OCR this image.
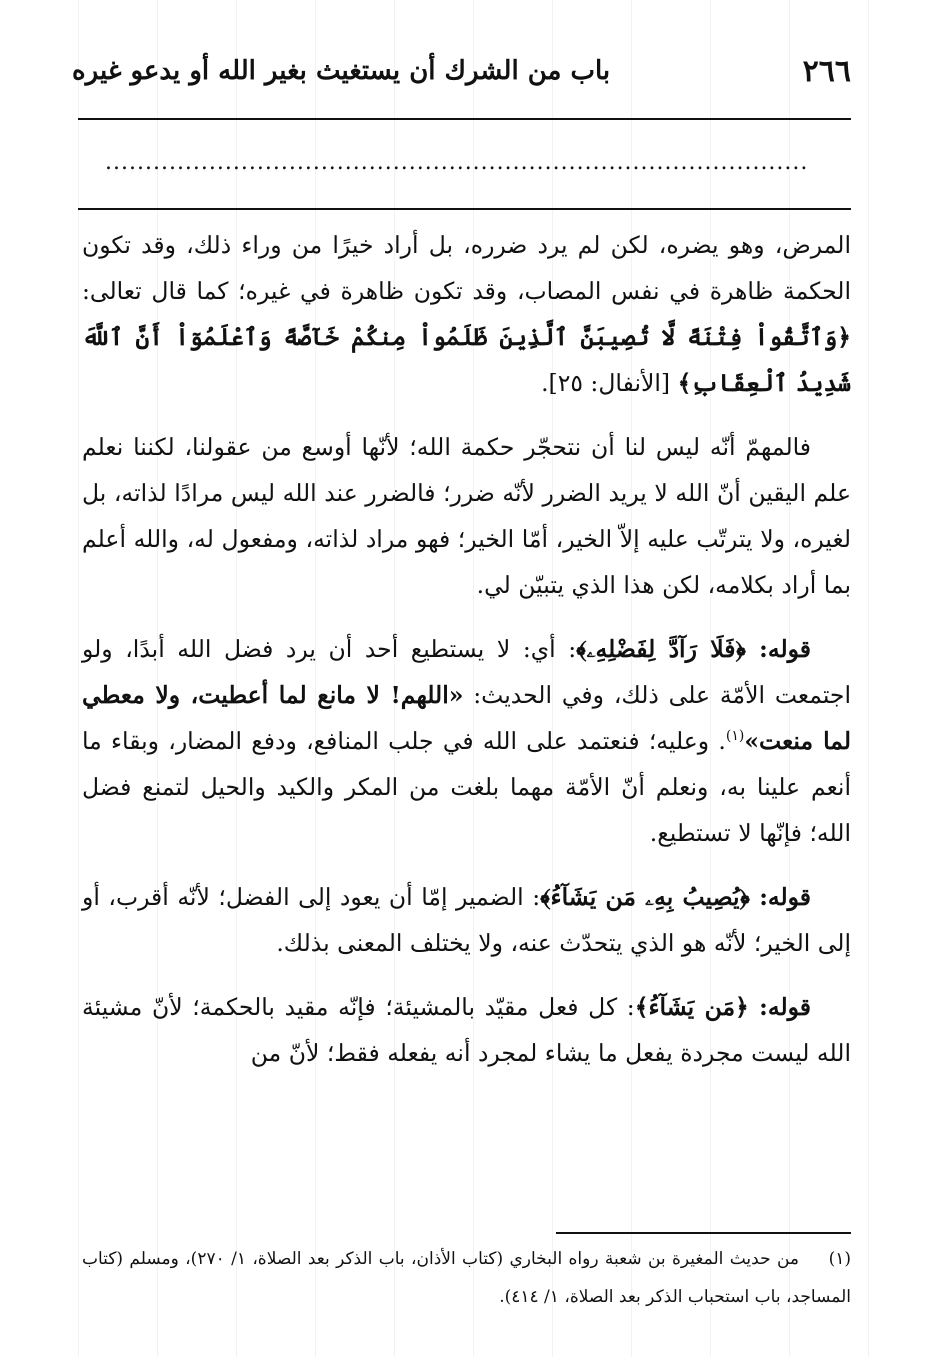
٢٦٦
باب من الشرك أن يستغيث بغير الله أو يدعو غيره
........................................................................................

المرض، وهو يضره، لكن لم يرد ضرره، بل أراد خيرًا من وراء ذلك، وقد تكون الحكمة ظاهرة في نفس المصاب، وقد تكون ظاهرة في غيره؛ كما قال تعالى: ﴿وَٱتَّقُواْ فِتْنَةً لَّا تُصِيبَنَّ ٱلَّذِينَ ظَلَمُواْ مِنكُمْ خَآصَّةً وَٱعْلَمُوٓاْ أَنَّ ٱللَّهَ شَدِيدُ ٱلْعِقَابِ﴾ [الأنفال: ٢٥].

فالمهمّ أنّه ليس لنا أن نتحجّر حكمة الله؛ لأنّها أوسع من عقولنا، لكننا نعلم علم اليقين أنّ الله لا يريد الضرر لأنّه ضرر؛ فالضرر عند الله ليس مرادًا لذاته، بل لغيره، ولا يترتّب عليه إلاّ الخير، أمّا الخير؛ فهو مراد لذاته، ومفعول له، والله أعلم بما أراد بكلامه، لكن هذا الذي يتبيّن لي.

قوله: ﴿فَلَا رَآدَّ لِفَضْلِهِۦ﴾: أي: لا يستطيع أحد أن يرد فضل الله أبدًا، ولو اجتمعت الأمّة على ذلك، وفي الحديث: «اللهم! لا مانع لما أعطيت، ولا معطي لما منعت»$^{(١)}$. وعليه؛ فنعتمد على الله في جلب المنافع، ودفع المضار، وبقاء ما أنعم علينا به، ونعلم أنّ الأمّة مهما بلغت من المكر والكيد والحيل لتمنع فضل الله؛ فإنّها لا تستطيع.

قوله: ﴿يُصِيبُ بِهِۦ مَن يَشَآءُ﴾: الضمير إمّا أن يعود إلى الفضل؛ لأنّه أقرب، أو إلى الخير؛ لأنّه هو الذي يتحدّث عنه، ولا يختلف المعنى بذلك.

قوله: ﴿مَن يَشَآءُ﴾: كل فعل مقيّد بالمشيئة؛ فإنّه مقيد بالحكمة؛ لأنّ مشيئة الله ليست مجردة يفعل ما يشاء لمجرد أنه يفعله فقط؛ لأنّ من

(١)من حديث المغيرة بن شعبة رواه البخاري (كتاب الأذان، باب الذكر بعد الصلاة، ١/ ٢٧٠)، ومسلم (كتاب المساجد، باب استحباب الذكر بعد الصلاة، ١/ ٤١٤).
